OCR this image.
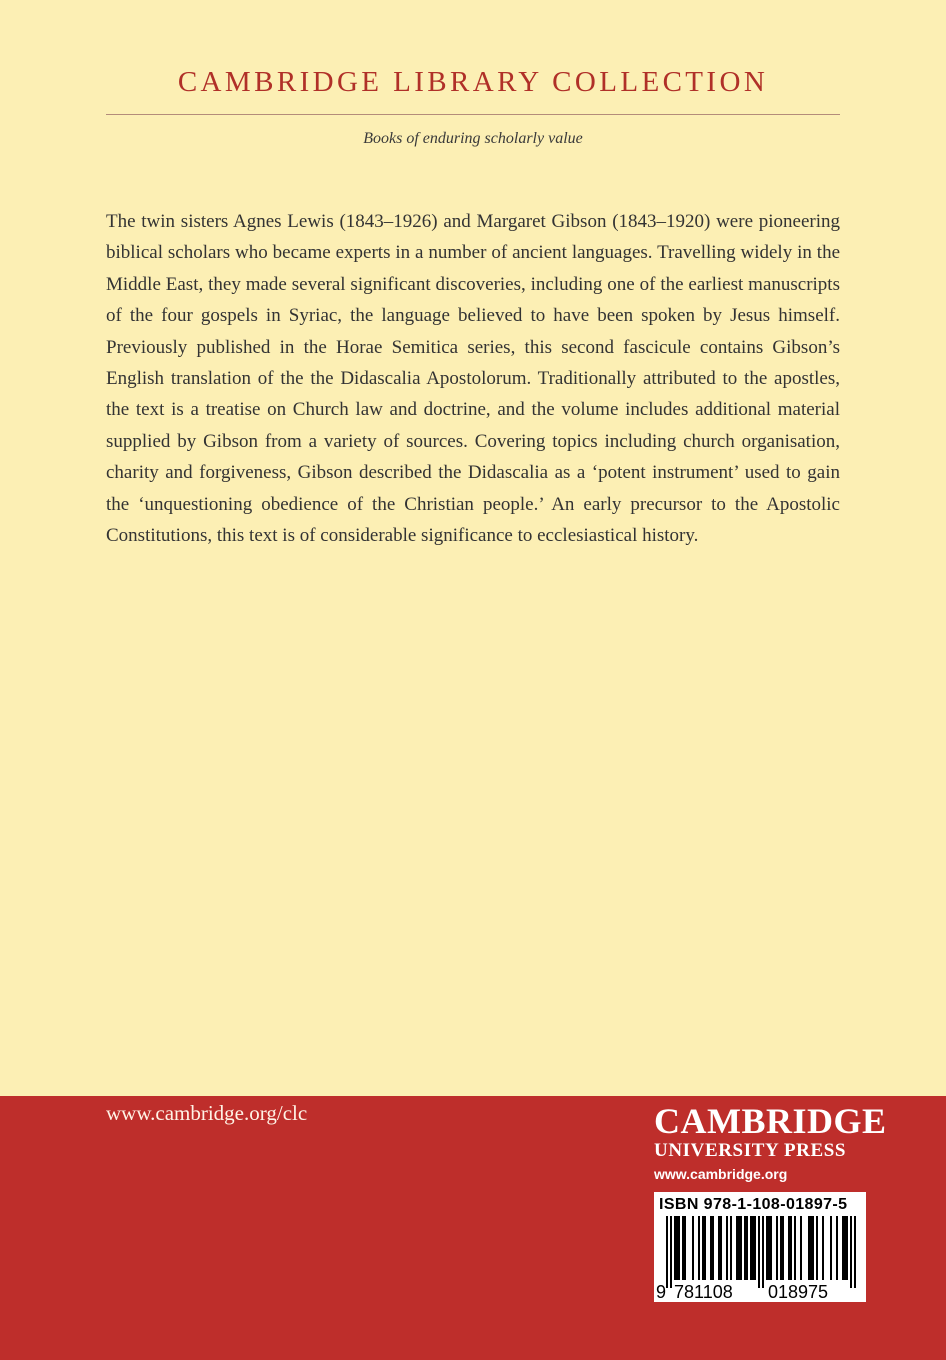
CAMBRIDGE LIBRARY COLLECTION
Books of enduring scholarly value

The twin sisters Agnes Lewis (1843–1926) and Margaret Gibson (1843–1920) were pioneering biblical scholars who became experts in a number of ancient languages. Travelling widely in the Middle East, they made several significant discoveries, including one of the earliest manuscripts of the four gospels in Syriac, the language believed to have been spoken by Jesus himself. Previously published in the Horae Semitica series, this second fascicule contains Gibson’s English translation of the the Didascalia Apostolorum. Traditionally attributed to the apostles, the text is a treatise on Church law and doctrine, and the volume includes additional material supplied by Gibson from a variety of sources. Covering topics including church organisation, charity and forgiveness, Gibson described the Didascalia as a ‘potent instrument’ used to gain the ‘unquestioning obedience of the Christian people.’ An early precursor to the Apostolic Constitutions, this text is of considerable significance to ecclesiastical history.

www.cambridge.org/clc	CAMBRIDGE
UNIVERSITY PRESS
www.cambridge.org
ISBN 978-1-108-01897-5
9 781108 018975
